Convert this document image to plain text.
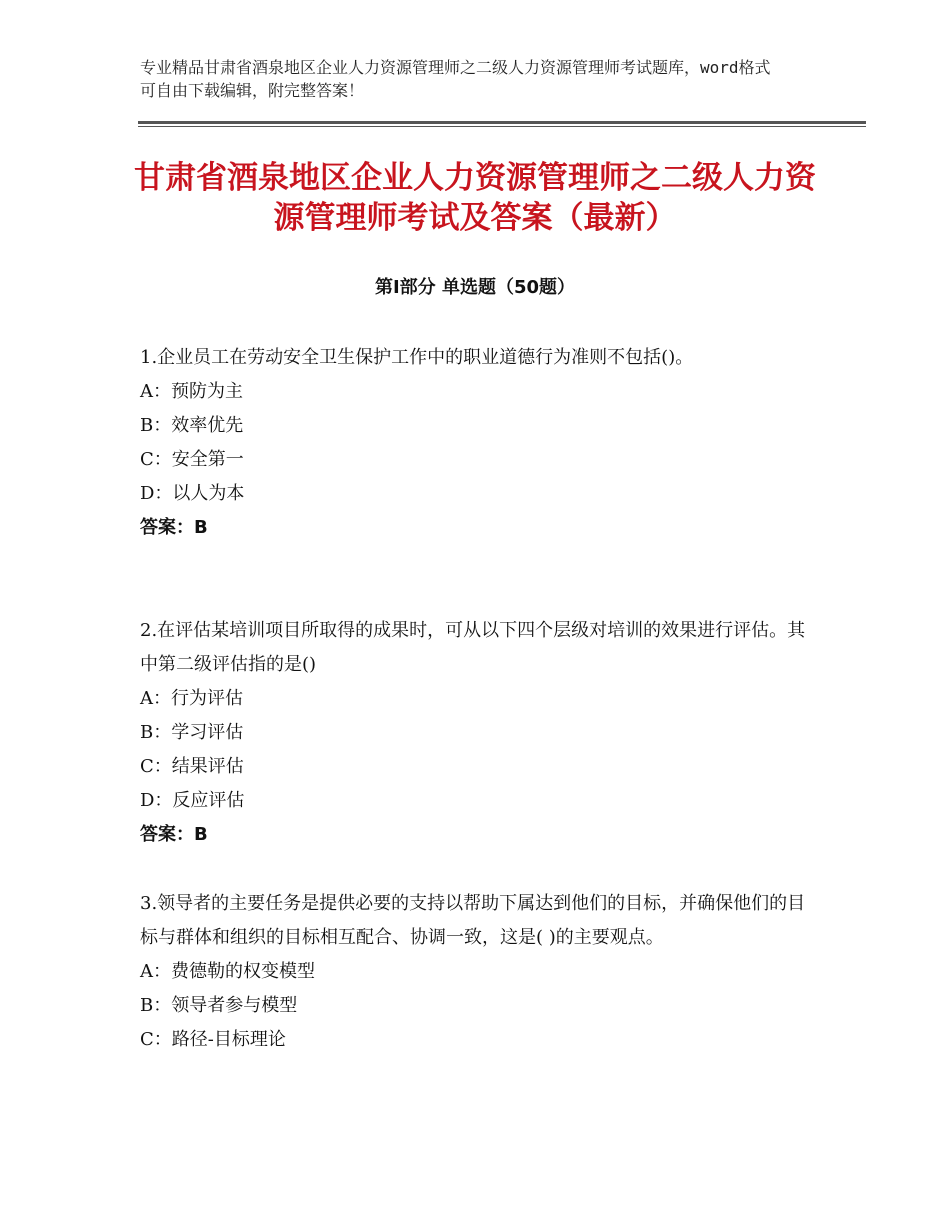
专业精品甘肃省酒泉地区企业人力资源管理师之二级人力资源管理师考试题库，word格式可自由下载编辑，附完整答案！
甘肃省酒泉地区企业人力资源管理师之二级人力资源管理师考试及答案（最新）
第Ⅰ部分 单选题（50题）

1.企业员工在劳动安全卫生保护工作中的职业道德行为准则不包括()。

A：预防为主

B：效率优先

C：安全第一

D：以人为本

答案：B

2.在评估某培训项目所取得的成果时，可从以下四个层级对培训的效果进行评估。其中第二级评估指的是()

A：行为评估

B：学习评估

C：结果评估

D：反应评估

答案：B

3.领导者的主要任务是提供必要的支持以帮助下属达到他们的目标，并确保他们的目标与群体和组织的目标相互配合、协调一致，这是( )的主要观点。

A：费德勒的权变模型

B：领导者参与模型

C：路径-目标理论
